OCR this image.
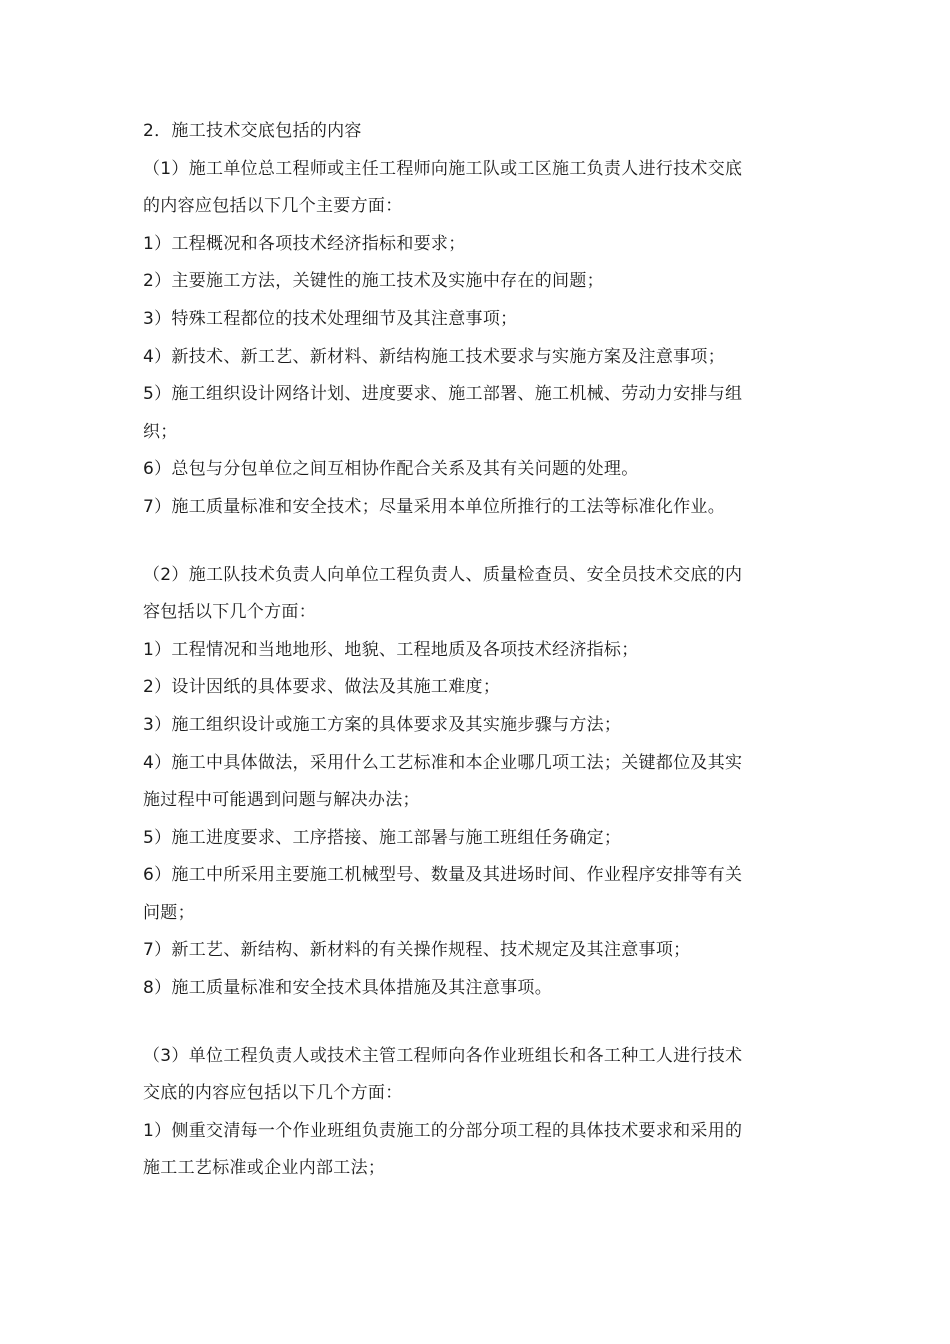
2．施工技术交底包括的内容
（1）施工单位总工程师或主任工程师向施工队或工区施工负责人进行技术交底
的内容应包括以下几个主要方面：
1）工程概况和各项技术经济指标和要求；
2）主要施工方法，关键性的施工技术及实施中存在的间题；
3）特殊工程都位的技术处理细节及其注意事项；
4）新技术、新工艺、新材料、新结构施工技术要求与实施方案及注意事项；
5）施工组织设计网络计划、进度要求、施工部署、施工机械、劳动力安排与组
织；
6）总包与分包单位之间互相协作配合关系及其有关问题的处理。
7）施工质量标准和安全技术；尽量采用本单位所推行的工法等标准化作业。
（2）施工队技术负责人向单位工程负责人、质量检查员、安全员技术交底的内
容包括以下几个方面：
1）工程情况和当地地形、地貌、工程地质及各项技术经济指标；
2）设计因纸的具体要求、做法及其施工难度；
3）施工组织设计或施工方案的具体要求及其实施步骤与方法；
4）施工中具体做法，采用什么工艺标准和本企业哪几项工法；关键都位及其实
施过程中可能遇到问题与解决办法；
5）施工进度要求、工序搭接、施工部暑与施工班组任务确定；
6）施工中所采用主要施工机械型号、数量及其进场时间、作业程序安排等有关
问题；
7）新工艺、新结构、新材料的有关操作规程、技术规定及其注意事项；
8）施工质量标准和安全技术具体措施及其注意事项。
（3）单位工程负责人或技术主管工程师向各作业班组长和各工种工人进行技术
交底的内容应包括以下几个方面：
1）侧重交清每一个作业班组负责施工的分部分项工程的具体技术要求和采用的
施工工艺标准或企业内部工法；
